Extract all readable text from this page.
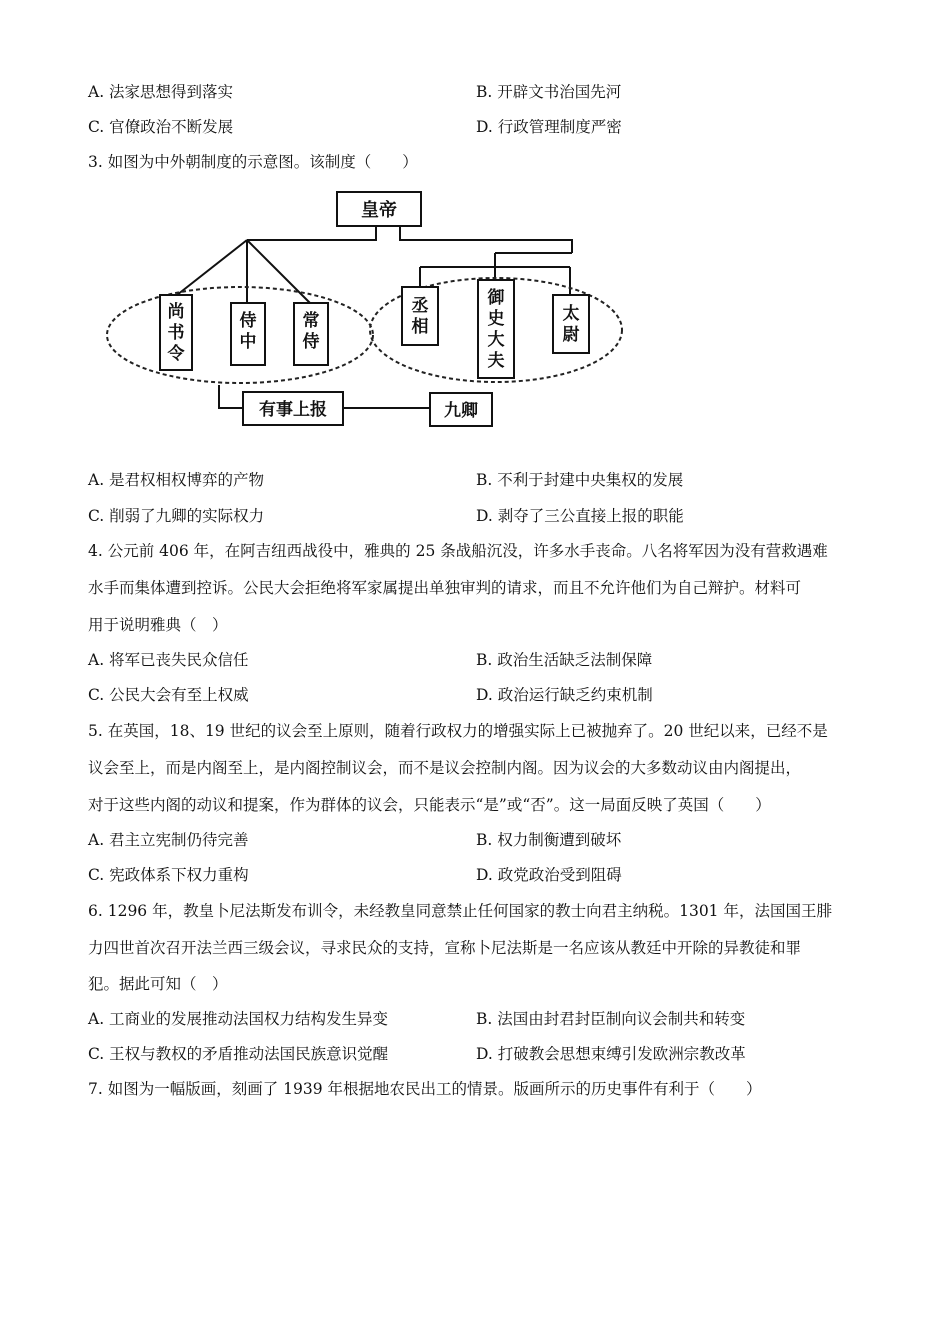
A. 法家思想得到落实	B. 开辟文书治国先河
C. 官僚政治不断发展	D. 行政管理制度严密
3. 如图为中外朝制度的示意图。该制度（　　）
皇帝
尚书令
侍中
常侍
丞相
御史大夫
太尉
有事上报	九卿
A. 是君权相权博弈的产物	B. 不利于封建中央集权的发展
C. 削弱了九卿的实际权力	D. 剥夺了三公直接上报的职能
4. 公元前 406 年，在阿吉纽西战役中，雅典的 25 条战船沉没，许多水手丧命。八名将军因为没有营救遇难
水手而集体遭到控诉。公民大会拒绝将军家属提出单独审判的请求，而且不允许他们为自己辩护。材料可
用于说明雅典（　）
A. 将军已丧失民众信任	B. 政治生活缺乏法制保障
C. 公民大会有至上权威	D. 政治运行缺乏约束机制
5. 在英国，18、19 世纪的议会至上原则，随着行政权力的增强实际上已被抛弃了。20 世纪以来，已经不是
议会至上，而是内阁至上，是内阁控制议会，而不是议会控制内阁。因为议会的大多数动议由内阁提出，
对于这些内阁的动议和提案，作为群体的议会，只能表示“是”或“否”。这一局面反映了英国（　　）
A. 君主立宪制仍待完善	B. 权力制衡遭到破坏
C. 宪政体系下权力重构	D. 政党政治受到阻碍
6. 1296 年，教皇卜尼法斯发布训令，未经教皇同意禁止任何国家的教士向君主纳税。1301 年，法国国王腓
力四世首次召开法兰西三级会议，寻求民众的支持，宣称卜尼法斯是一名应该从教廷中开除的异教徒和罪
犯。据此可知（　）
A. 工商业的发展推动法国权力结构发生异变	B. 法国由封君封臣制向议会制共和转变
C. 王权与教权的矛盾推动法国民族意识觉醒	D. 打破教会思想束缚引发欧洲宗教改革
7. 如图为一幅版画，刻画了 1939 年根据地农民出工的情景。版画所示的历史事件有利于（　　）
